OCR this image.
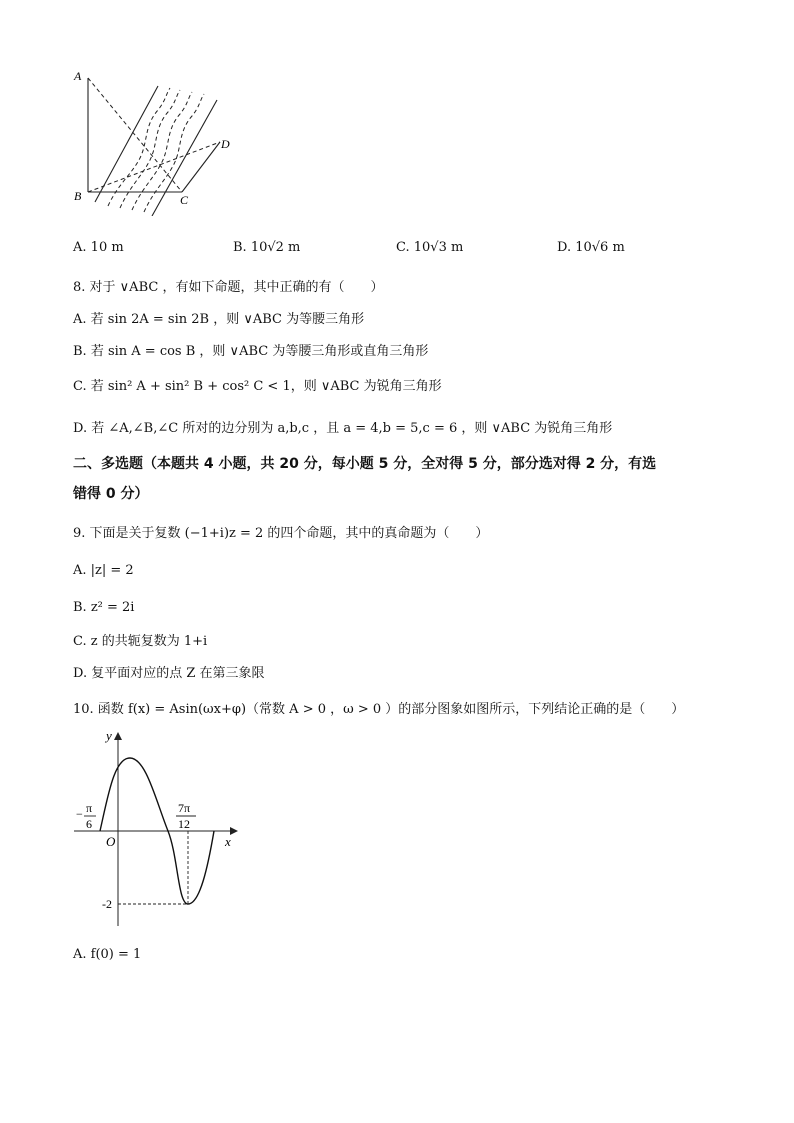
A
B	C
D
A. 10 m	B. 10√2 m	C. 10√3 m	D. 10√6 m
8. 对于 ∨ABC ，有如下命题，其中正确的有（　　）
A. 若 sin 2A = sin 2B ，则 ∨ABC 为等腰三角形
B. 若 sin A = cos B ，则 ∨ABC 为等腰三角形或直角三角形
C. 若 sin² A + sin² B + cos² C < 1，则 ∨ABC 为锐角三角形
D. 若 ∠A,∠B,∠C 所对的边分别为 a,b,c ，且 a = 4,b = 5,c = 6 ，则 ∨ABC 为锐角三角形
二、多选题（本题共 4 小题，共 20 分，每小题 5 分，全对得 5 分，部分选对得 2 分，有选
错得 0 分）
9. 下面是关于复数 (−1+i)z = 2 的四个命题，其中的真命题为（　　）
A. |z| = 2
B. z² = 2i
C. z 的共轭复数为 1+i
D. 复平面对应的点 Z 在第三象限
10. 函数 f(x) = Asin(ωx+φ)（常数 A > 0 ，ω > 0 ）的部分图象如图所示，下列结论正确的是（　　）
y
x
O
− π
6
7π
12
-2
A. f(0) = 1
